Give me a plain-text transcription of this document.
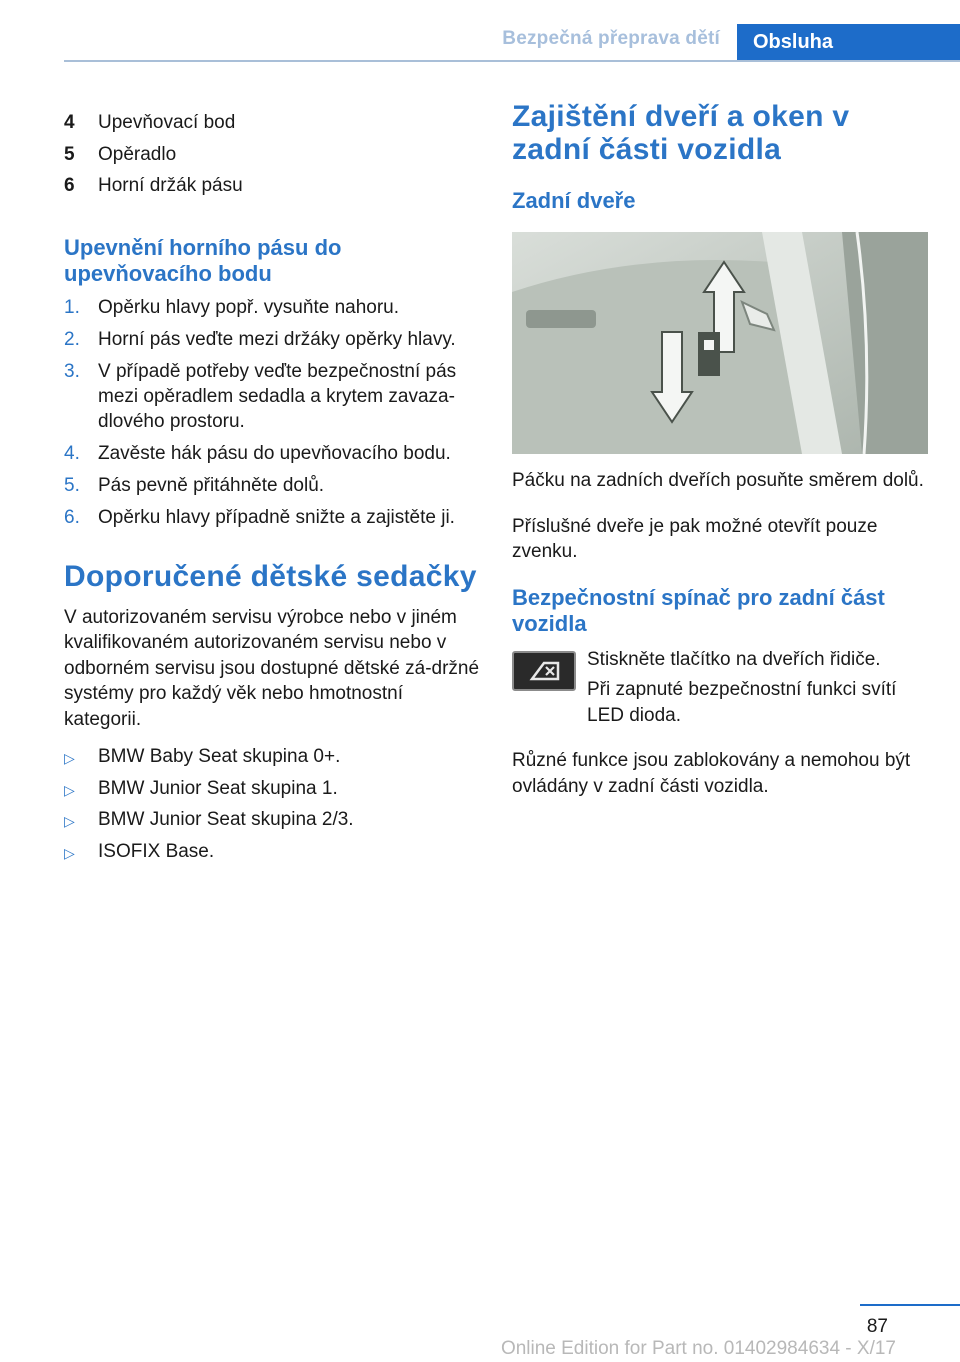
Bezpečná přeprava dětí	Obsluha
4	Upevňovací bod
5	Opěradlo
6	Horní držák pásu
Upevnění horního pásu do upevňovacího bodu
1. Opěrku hlavy popř. vysuňte nahoru.
2. Horní pás veďte mezi držáky opěrky hlavy.
3. V případě potřeby veďte bezpečnostní pás mezi opěradlem sedadla a krytem zavaza‐dlového prostoru.
4. Zavěste hák pásu do upevňovacího bodu.
5. Pás pevně přitáhněte dolů.
6. Opěrku hlavy případně snižte a zajistěte ji.
Doporučené dětské sedačky
V autorizovaném servisu výrobce nebo v jiném kvalifikovaném autorizovaném servisu nebo v odborném servisu jsou dostupné dětské zá‐držné systémy pro každý věk nebo hmotnostní kategorii.
▷	BMW Baby Seat skupina 0+.
▷	BMW Junior Seat skupina 1.
▷	BMW Junior Seat skupina 2/3.
▷	ISOFIX Base.
Zajištění dveří a oken v zadní části vozidla
Zadní dveře
Páčku na zadních dveřích posuňte směrem dolů.
Příslušné dveře je pak možné otevřít pouze zvenku.
Bezpečnostní spínač pro zadní část vozidla
Stiskněte tlačítko na dveřích řidiče.
Při zapnuté bezpečnostní funkci svítí LED dioda.
Různé funkce jsou zablokovány a nemohou být ovládány v zadní části vozidla.
87
Online Edition for Part no. 01402984634 - X/17
